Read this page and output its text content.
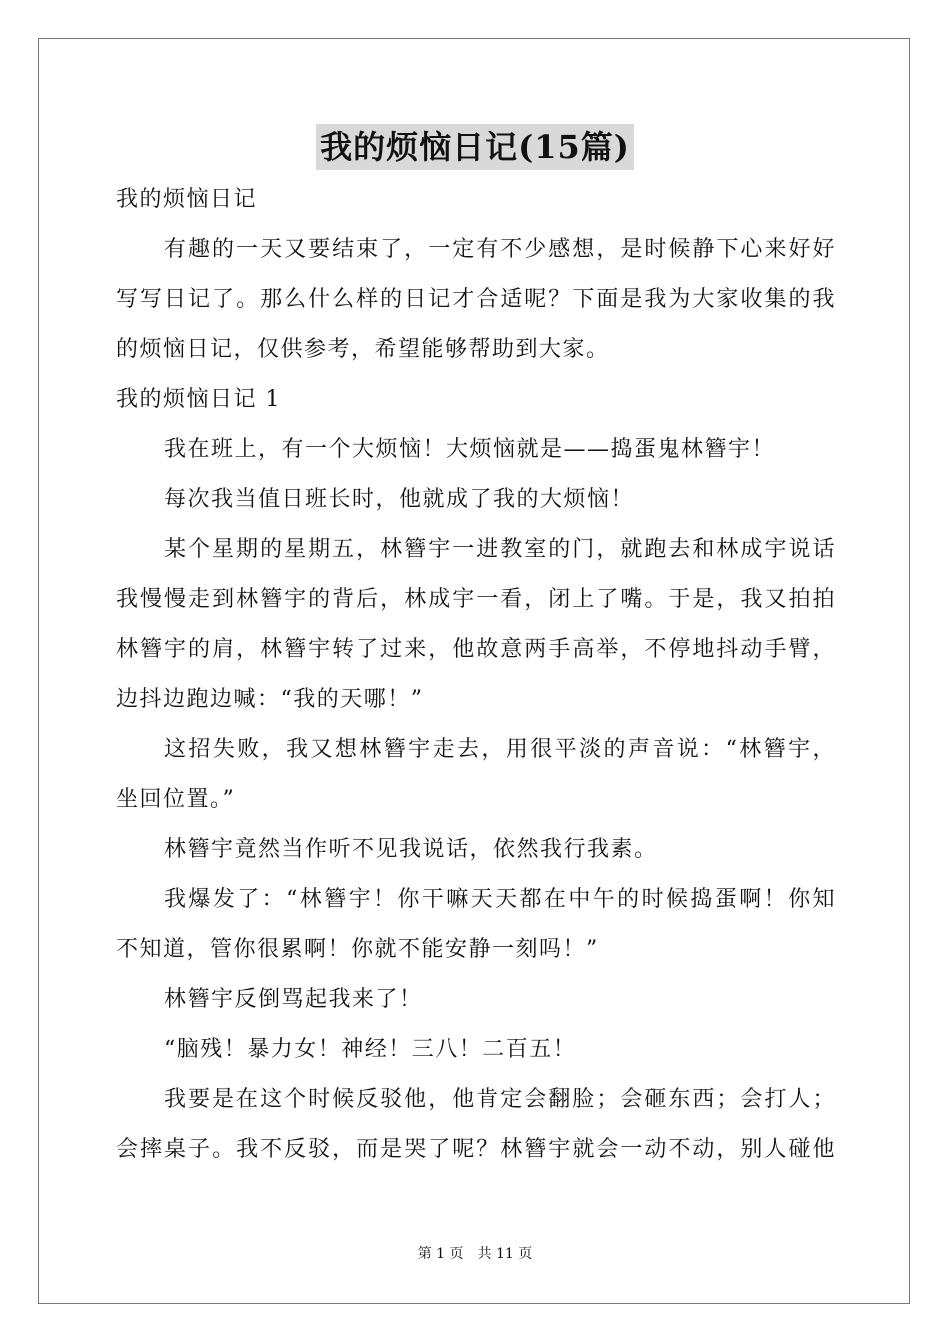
我的烦恼日记(15篇)
我的烦恼日记
有趣的一天又要结束了，一定有不少感想，是时候静下心来好好
写写日记了。那么什么样的日记才合适呢？下面是我为大家收集的我
的烦恼日记，仅供参考，希望能够帮助到大家。
我的烦恼日记 1
我在班上，有一个大烦恼！大烦恼就是——捣蛋鬼林簪宇！
每次我当值日班长时，他就成了我的大烦恼！
某个星期的星期五，林簪宇一进教室的门，就跑去和林成宇说话
我慢慢走到林簪宇的背后，林成宇一看，闭上了嘴。于是，我又拍拍
林簪宇的肩，林簪宇转了过来，他故意两手高举，不停地抖动手臂，
边抖边跑边喊：“我的天哪！”
这招失败，我又想林簪宇走去，用很平淡的声音说：“林簪宇，
坐回位置。”
林簪宇竟然当作听不见我说话，依然我行我素。
我爆发了：“林簪宇！你干嘛天天都在中午的时候捣蛋啊！你知
不知道，管你很累啊！你就不能安静一刻吗！”
林簪宇反倒骂起我来了！
“脑残！暴力女！神经！三八！二百五！
我要是在这个时候反驳他，他肯定会翻脸；会砸东西；会打人；
会摔桌子。我不反驳，而是哭了呢？林簪宇就会一动不动，别人碰他
第 1 页　共 11 页
